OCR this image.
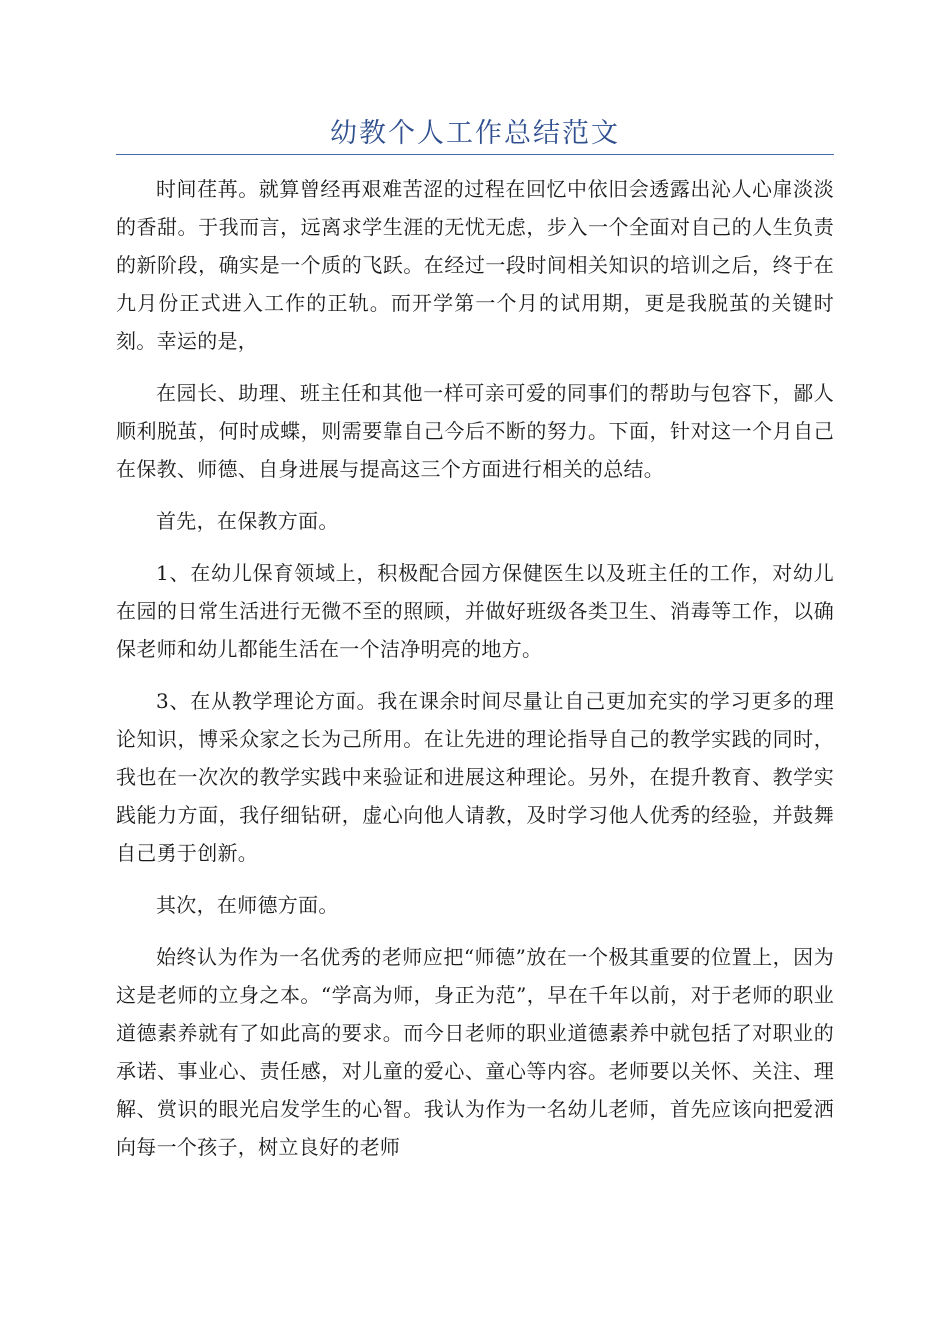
幼教个人工作总结范文

时间荏苒。就算曾经再艰难苦涩的过程在回忆中依旧会透露出沁人心扉淡淡的香甜。于我而言，远离求学生涯的无忧无虑，步入一个全面对自己的人生负责的新阶段，确实是一个质的飞跃。在经过一段时间相关知识的培训之后，终于在九月份正式进入工作的正轨。而开学第一个月的试用期，更是我脱茧的关键时刻。幸运的是，

在园长、助理、班主任和其他一样可亲可爱的同事们的帮助与包容下，鄙人顺利脱茧，何时成蝶，则需要靠自己今后不断的努力。下面，针对这一个月自己在保教、师德、自身进展与提高这三个方面进行相关的总结。

首先，在保教方面。

1、在幼儿保育领域上，积极配合园方保健医生以及班主任的工作，对幼儿在园的日常生活进行无微不至的照顾，并做好班级各类卫生、消毒等工作，以确保老师和幼儿都能生活在一个洁净明亮的地方。

3、在从教学理论方面。我在课余时间尽量让自己更加充实的学习更多的理论知识，博采众家之长为己所用。在让先进的理论指导自己的教学实践的同时，我也在一次次的教学实践中来验证和进展这种理论。另外，在提升教育、教学实践能力方面，我仔细钻研，虚心向他人请教，及时学习他人优秀的经验，并鼓舞自己勇于创新。

其次，在师德方面。

始终认为作为一名优秀的老师应把“师德”放在一个极其重要的位置上，因为这是老师的立身之本。“学高为师，身正为范”，早在千年以前，对于老师的职业道德素养就有了如此高的要求。而今日老师的职业道德素养中就包括了对职业的承诺、事业心、责任感，对儿童的爱心、童心等内容。老师要以关怀、关注、理解、赏识的眼光启发学生的心智。我认为作为一名幼儿老师，首先应该向把爱洒向每一个孩子，树立良好的老师
